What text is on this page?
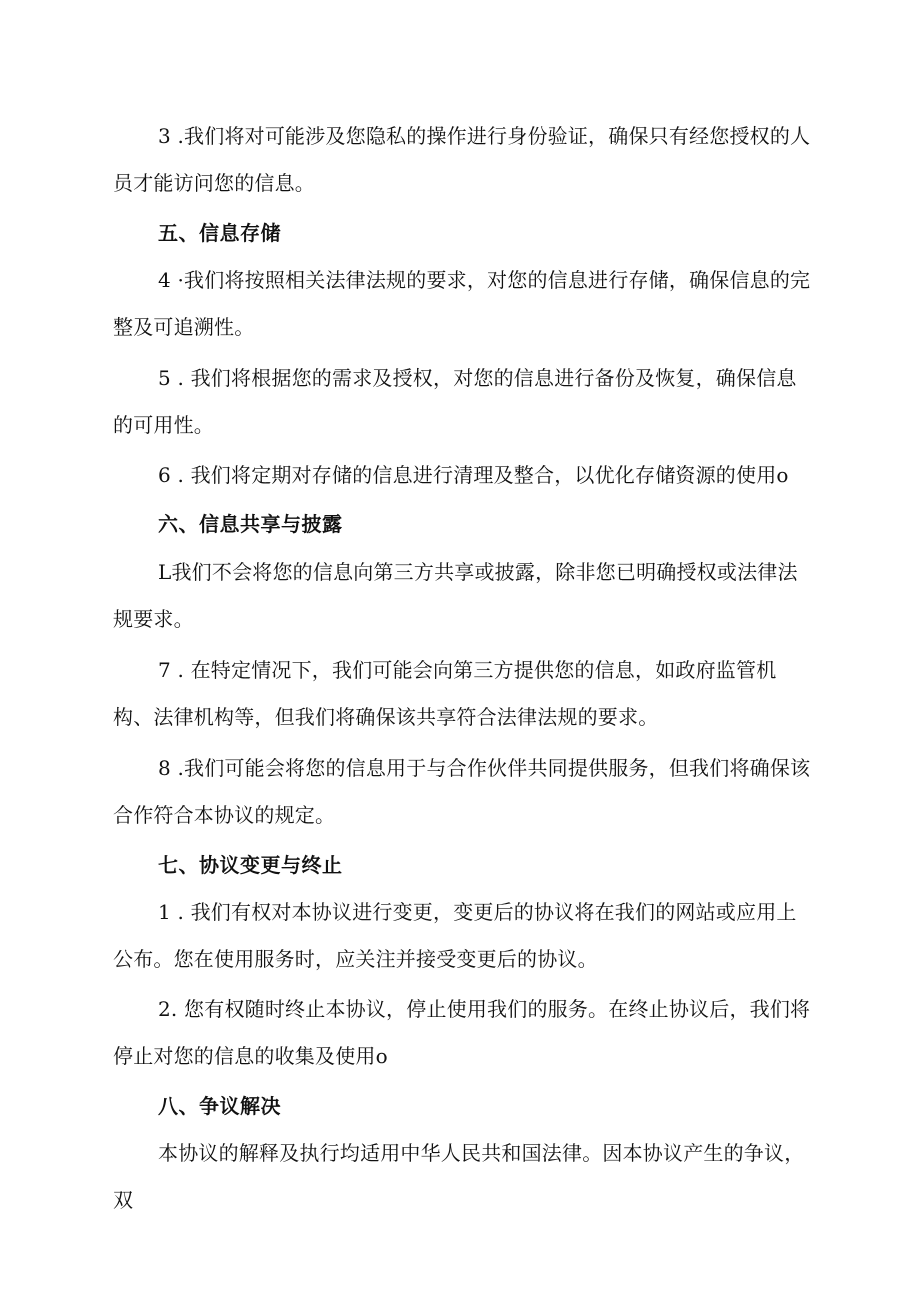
3 .我们将对可能涉及您隐私的操作进行身份验证，确保只有经您授权的人员才能访问您的信息。

五、信息存储

4 ·我们将按照相关法律法规的要求，对您的信息进行存储，确保信息的完整及可追溯性。

5 . 我们将根据您的需求及授权，对您的信息进行备份及恢复，确保信息的可用性。

6 . 我们将定期对存储的信息进行清理及整合，以优化存储资源的使用o

六、信息共享与披露

L我们不会将您的信息向第三方共享或披露，除非您已明确授权或法律法规要求。

7 . 在特定情况下，我们可能会向第三方提供您的信息，如政府监管机构、法律机构等，但我们将确保该共享符合法律法规的要求。

8 .我们可能会将您的信息用于与合作伙伴共同提供服务，但我们将确保该合作符合本协议的规定。

七、协议变更与终止

1 . 我们有权对本协议进行变更，变更后的协议将在我们的网站或应用上公布。您在使用服务时，应关注并接受变更后的协议。

2. 您有权随时终止本协议，停止使用我们的服务。在终止协议后，我们将停止对您的信息的收集及使用o

八、争议解决

本协议的解释及执行均适用中华人民共和国法律。因本协议产生的争议，双
